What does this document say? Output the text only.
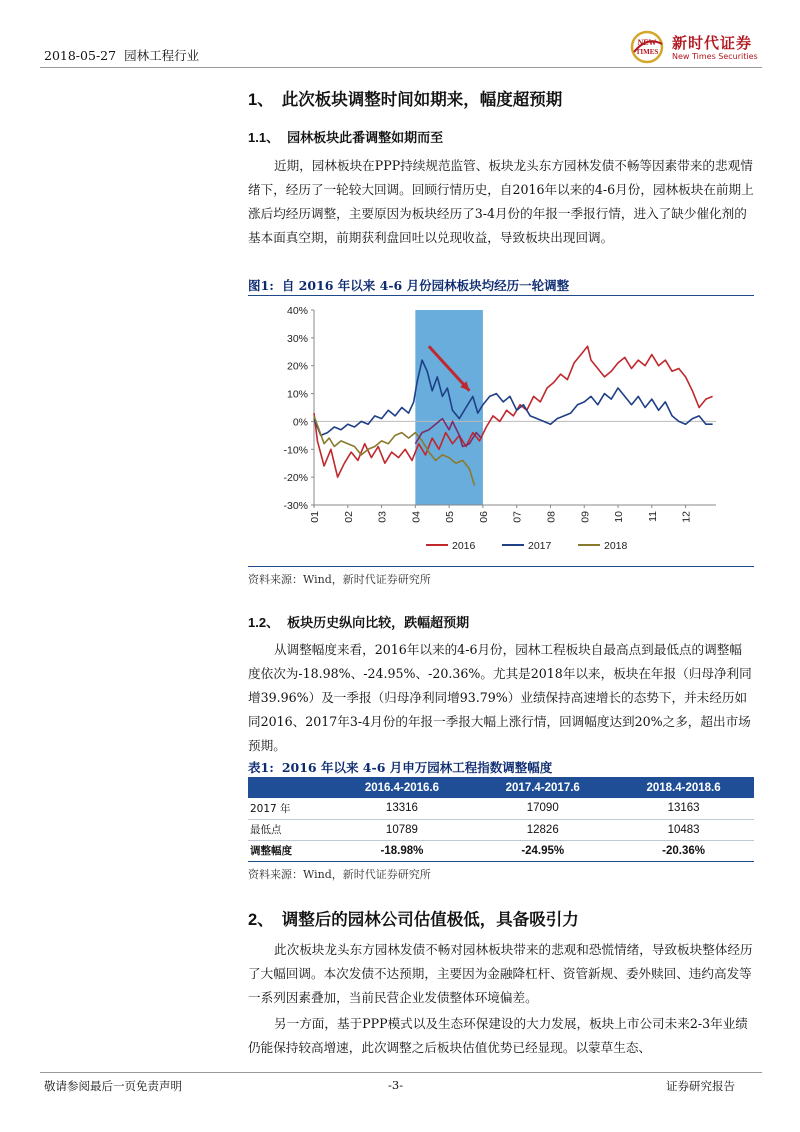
2018-05-27 园林工程行业
NEW
TIMES 新时代证券
New Times Securities
1、 此次板块调整时间如期来，幅度超预期
1.1、 园林板块此番调整如期而至
近期，园林板块在PPP持续规范监管、板块龙头东方园林发债不畅等因素带来的悲观情绪下，经历了一轮较大回调。回顾行情历史，自2016年以来的4-6月份，园林板块在前期上涨后均经历调整，主要原因为板块经历了3-4月份的年报一季报行情，进入了缺少催化剂的基本面真空期，前期获利盘回吐以兑现收益，导致板块出现回调。
图1: 自 2016 年以来 4-6 月份园林板块均经历一轮调整
40%
30%
20%
10%
0%
-10%
-20%
-30%
01 02 03 04 05 06 07 08 09 10 11 12
2016	2017	2018
资料来源：Wind，新时代证券研究所
1.2、 板块历史纵向比较，跌幅超预期
从调整幅度来看，2016年以来的4-6月份，园林工程板块自最高点到最低点的调整幅度依次为-18.98%、-24.95%、-20.36%。尤其是2018年以来，板块在年报（归母净利同增39.96%）及一季报（归母净利同增93.79%）业绩保持高速增长的态势下，并未经历如同2016、2017年3-4月份的年报一季报大幅上涨行情，回调幅度达到20%之多，超出市场预期。
表1: 2016 年以来 4-6 月申万园林工程指数调整幅度
	2016.4-2016.6	2017.4-2017.6	2018.4-2018.6
2017 年	13316	17090	13163
最低点	10789	12826	10483
调整幅度	-18.98%	-24.95%	-20.36%
资料来源：Wind，新时代证券研究所
2、 调整后的园林公司估值极低，具备吸引力
此次板块龙头东方园林发债不畅对园林板块带来的悲观和恐慌情绪，导致板块整体经历了大幅回调。本次发债不达预期，主要因为金融降杠杆、资管新规、委外赎回、违约高发等一系列因素叠加，当前民营企业发债整体环境偏差。
另一方面，基于PPP模式以及生态环保建设的大力发展，板块上市公司未来2-3年业绩仍能保持较高增速，此次调整之后板块估值优势已经显现。以蒙草生态、
敬请参阅最后一页免责声明	-3-	证券研究报告
